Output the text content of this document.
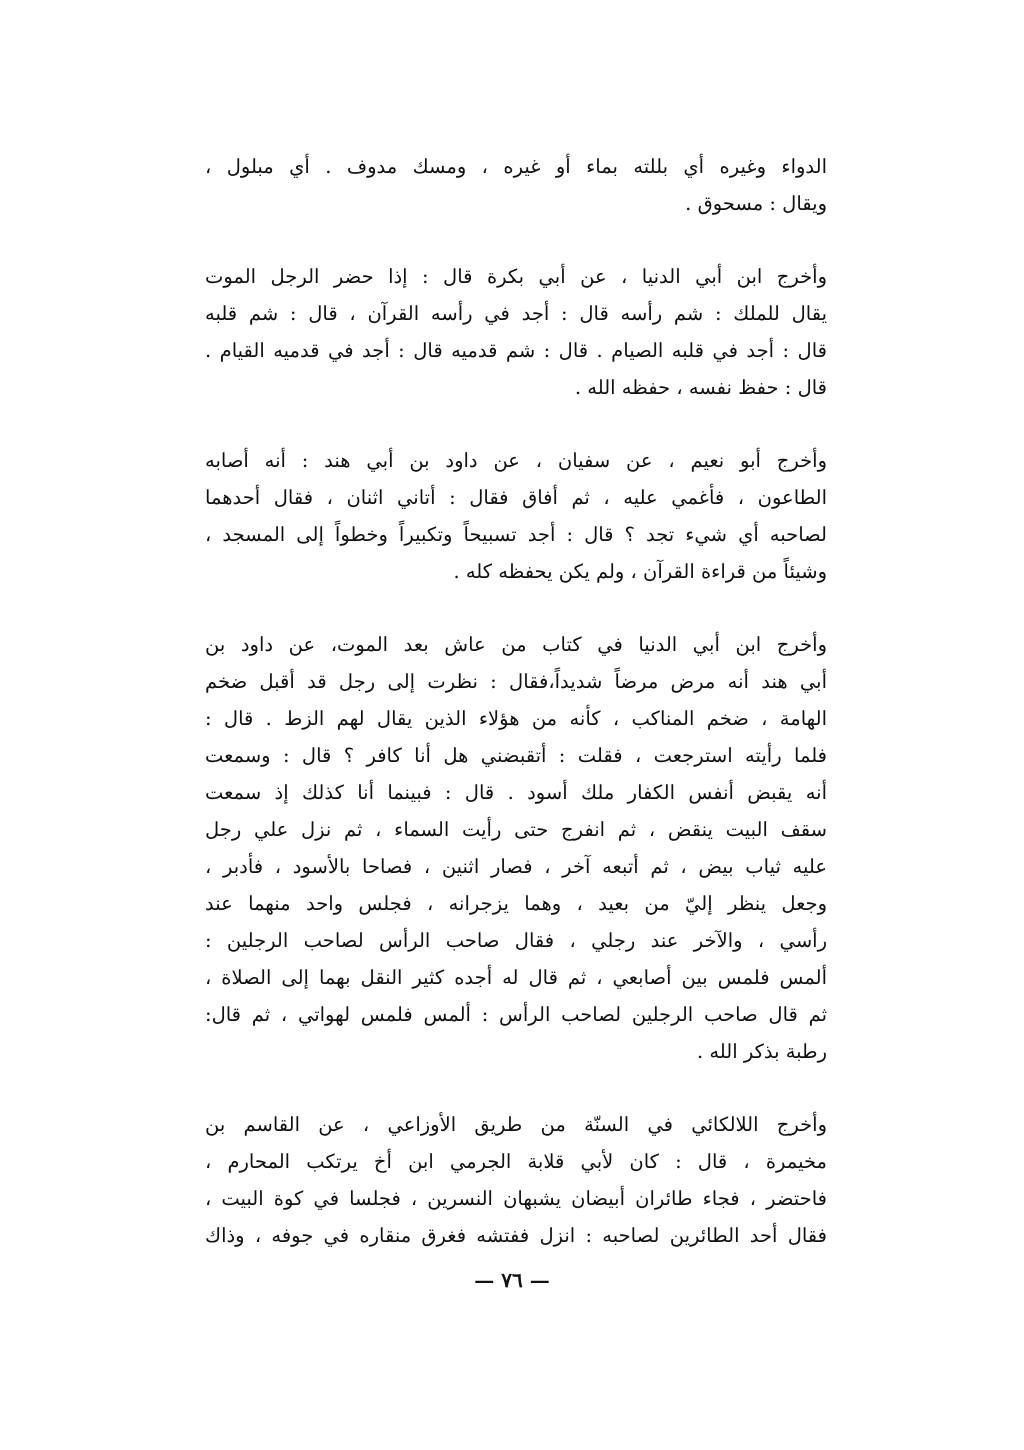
الدواء وغيره أي بللته بماء أو غيره ، ومسك مدوف . أي مبلول ،
ويقال : مسحوق .
وأخرج ابن أبي الدنيا ، عن أبي بكرة قال : إذا حضر الرجل الموت
يقال للملك : شم رأسه قال : أجد في رأسه القرآن ، قال : شم قلبه
قال : أجد في قلبه الصيام . قال : شم قدميه قال : أجد في قدميه القيام .
قال : حفظ نفسه ، حفظه الله .
وأخرج أبو نعيم ، عن سفيان ، عن داود بن أبي هند : أنه أصابه
الطاعون ، فأغمي عليه ، ثم أفاق فقال : أتاني اثنان ، فقال أحدهما
لصاحبه أي شيء تجد ؟ قال : أجد تسبيحاً وتكبيراً وخطواً إلى المسجد ،
وشيئاً من قراءة القرآن ، ولم يكن يحفظه كله .
وأخرج ابن أبي الدنيا في كتاب من عاش بعد الموت، عن داود بن
أبي هند أنه مرض مرضاً شديداً،فقال : نظرت إلى رجل قد أقبل ضخم
الهامة ، ضخم المناكب ، كأنه من هؤلاء الذين يقال لهم الزط . قال :
فلما رأيته استرجعت ، فقلت : أتقبضني هل أنا كافر ؟ قال : وسمعت
أنه يقبض أنفس الكفار ملك أسود . قال : فبينما أنا كذلك إذ سمعت
سقف البيت ينقض ، ثم انفرج حتى رأيت السماء ، ثم نزل علي رجل
عليه ثياب بيض ، ثم أتبعه آخر ، فصار اثنين ، فصاحا بالأسود ، فأدبر ،
وجعل ينظر إليّ من بعيد ، وهما يزجرانه ، فجلس واحد منهما عند
رأسي ، والآخر عند رجلي ، فقال صاحب الرأس لصاحب الرجلين :
ألمس فلمس بين أصابعي ، ثم قال له أجده كثير النقل بهما إلى الصلاة ،
ثم قال صاحب الرجلين لصاحب الرأس : ألمس فلمس لهواتي ، ثم قال:
رطبة بذكر الله .
وأخرج اللالكائي في السنّة من طريق الأوزاعي ، عن القاسم بن
مخيمرة ، قال : كان لأبي قلابة الجرمي ابن أخ يرتكب المحارم ،
فاحتضر ، فجاء طائران أبيضان يشبهان النسرين ، فجلسا في كوة البيت ،
فقال أحد الطائرين لصاحبه : انزل ففتشه فغرق منقاره في جوفه ، وذاك
— ٧٦ —
